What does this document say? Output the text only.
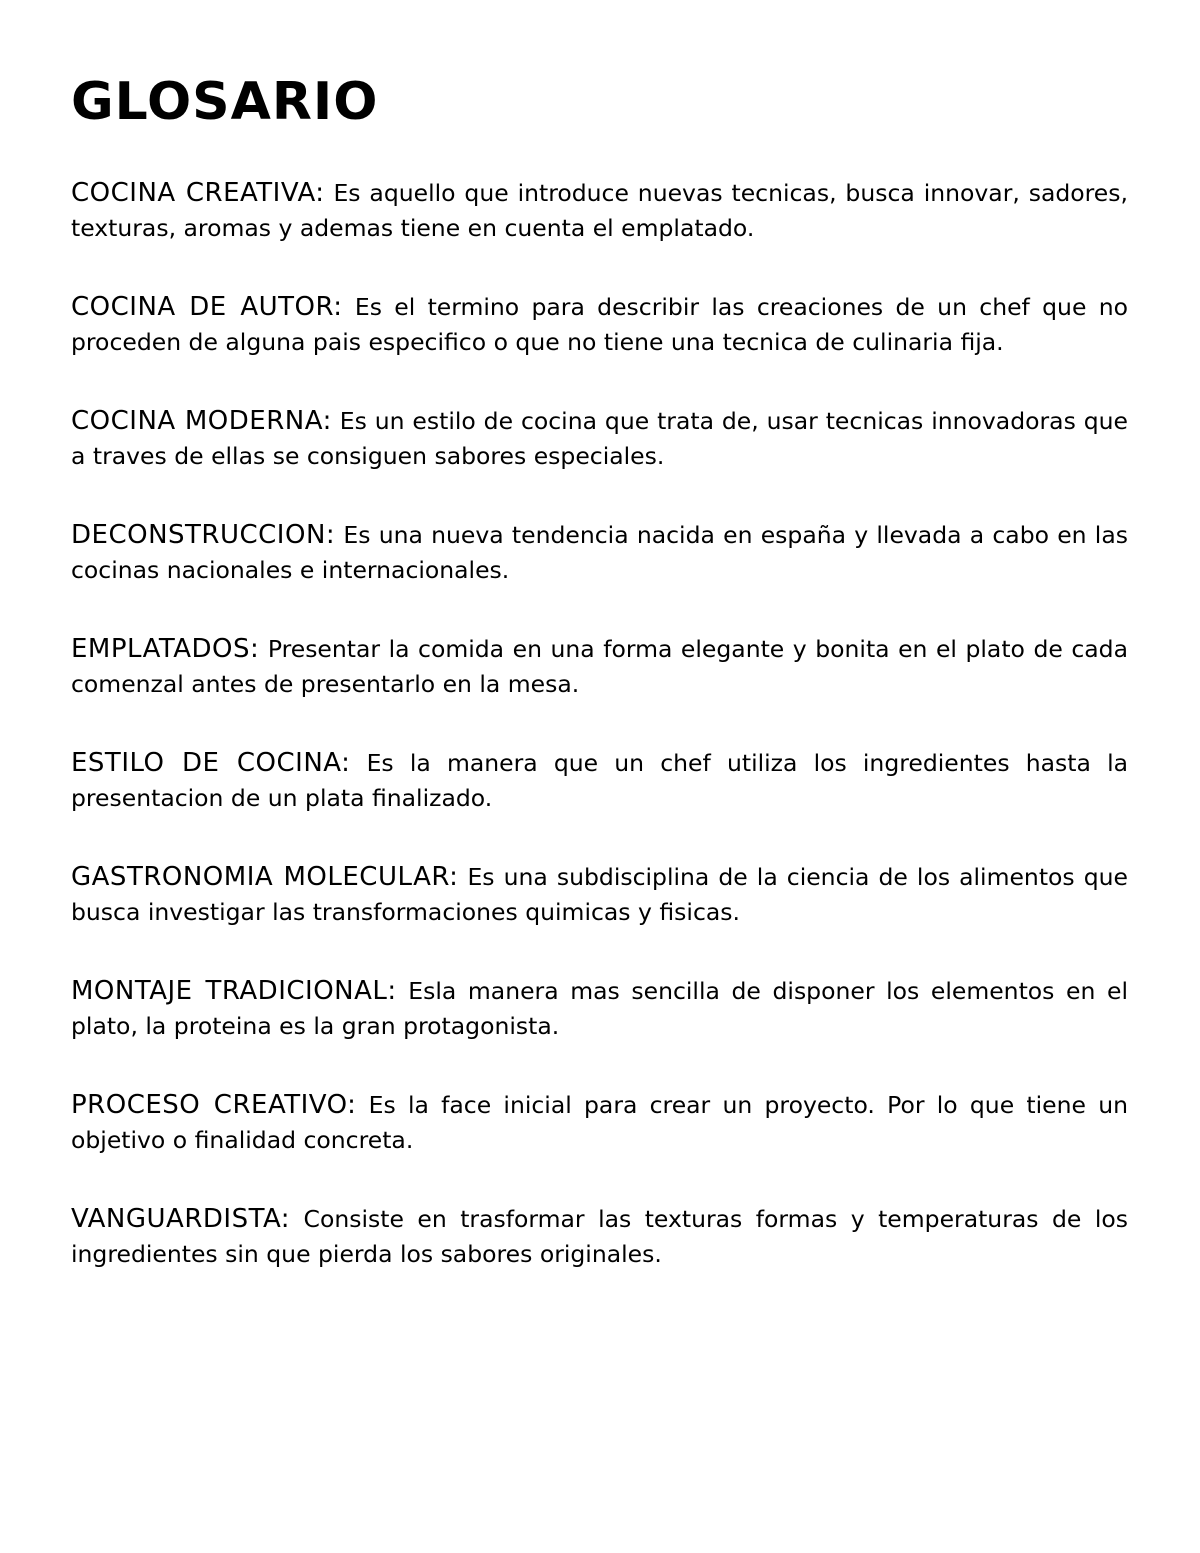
GLOSARIO

COCINA CREATIVA: Es aquello que introduce nuevas tecnicas, busca innovar, sadores, texturas, aromas y ademas tiene en cuenta el emplatado.

COCINA DE AUTOR: Es el termino para describir las creaciones de un chef que no proceden de alguna pais especifico o que no tiene una tecnica de culinaria fija.

COCINA MODERNA: Es un estilo de cocina que trata de, usar tecnicas innovadoras que a traves de ellas se consiguen sabores especiales.

DECONSTRUCCION: Es una nueva tendencia nacida en españa y llevada a cabo en las cocinas nacionales e internacionales.

EMPLATADOS: Presentar la comida en una forma elegante y bonita en el plato de cada comenzal antes de presentarlo en la mesa.

ESTILO DE COCINA: Es la manera que un chef utiliza los ingredientes hasta la presentacion de un plata finalizado.

GASTRONOMIA MOLECULAR: Es una subdisciplina de la ciencia de los alimentos que busca investigar las transformaciones quimicas y fisicas.

MONTAJE TRADICIONAL: Esla manera mas sencilla de disponer los elementos en el plato, la proteina es la gran protagonista.

PROCESO CREATIVO: Es la face inicial para crear un proyecto. Por lo que tiene un objetivo o finalidad concreta.

VANGUARDISTA: Consiste en trasformar las texturas formas y temperaturas de los ingredientes sin que pierda los sabores originales.
